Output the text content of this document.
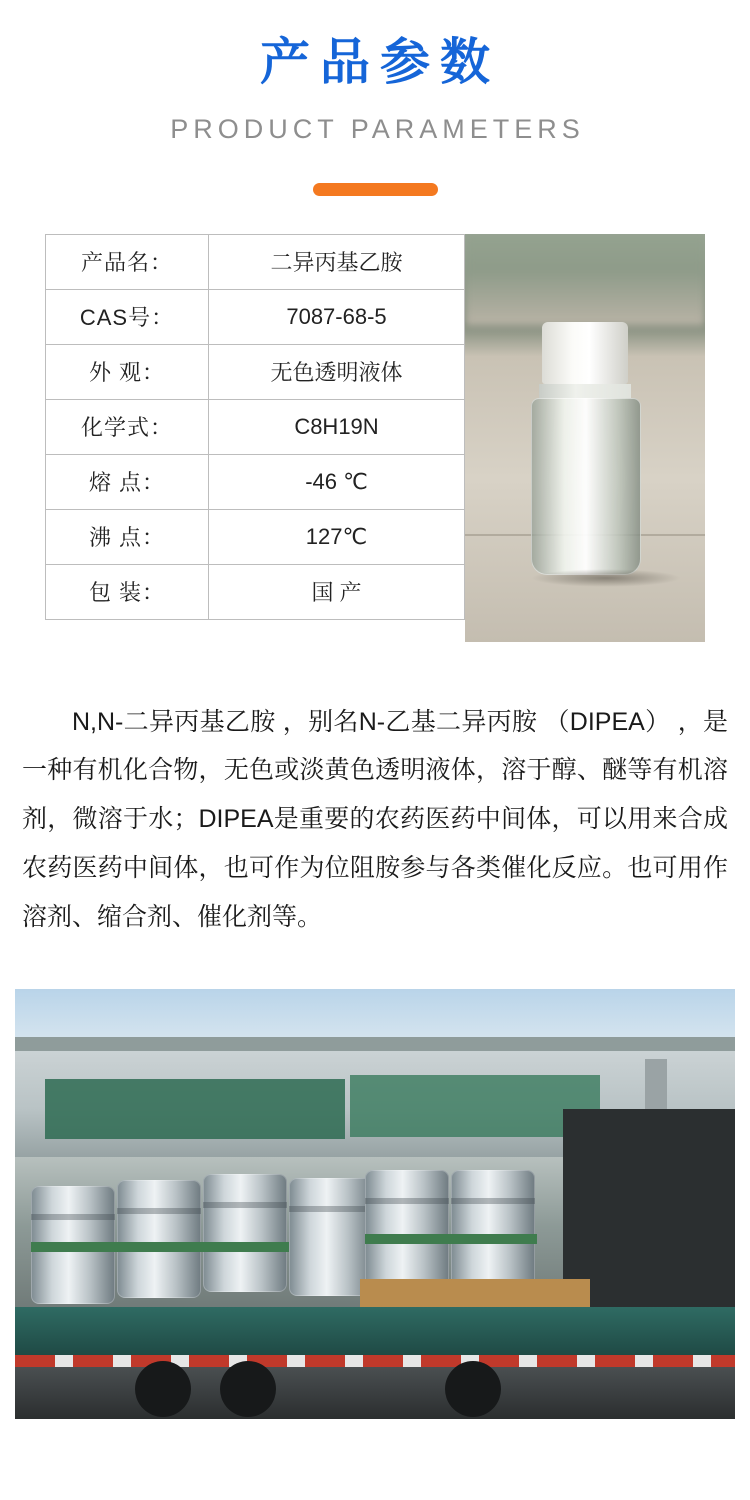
产品参数
PRODUCT PARAMETERS
产品名：	二异丙基乙胺
CAS号：	7087-68-5
外 观：	无色透明液体
化学式：	C8H19N
熔 点：	-46 ℃
沸 点：	127℃
包 装：	国 产

N,N-二异丙基乙胺 ，别名N-乙基二异丙胺 （DIPEA） ，是一种有机化合物，无色或淡黄色透明液体，溶于醇、醚等有机溶剂，微溶于水；DIPEA是重要的农药医药中间体，可以用来合成农药医药中间体，也可作为位阻胺参与各类催化反应。也可用作溶剂、缩合剂、催化剂等。
